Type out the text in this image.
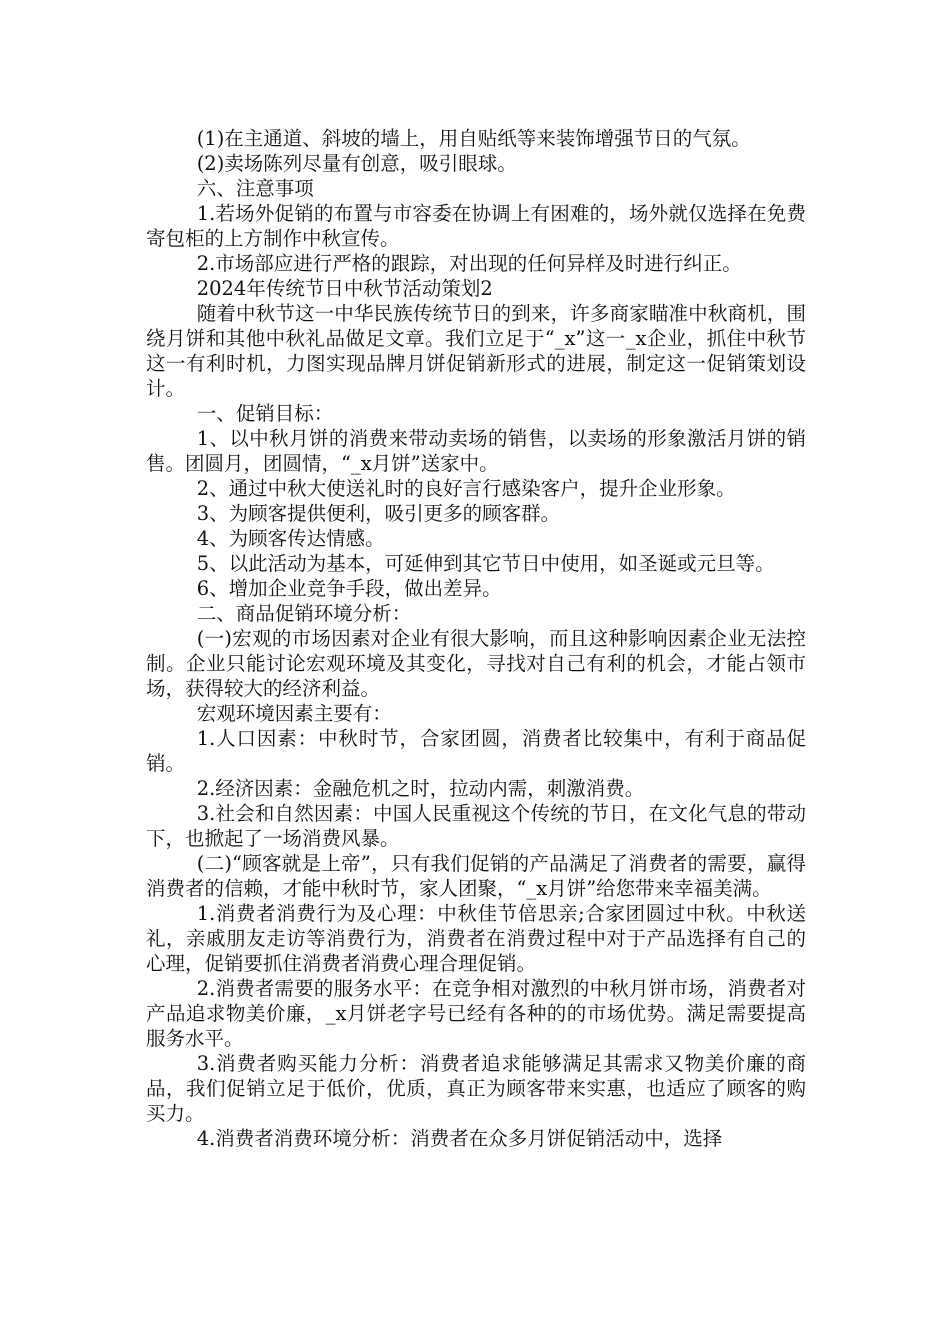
(1)在主通道、斜坡的墙上，用自贴纸等来装饰增强节日的气氛。

(2)卖场陈列尽量有创意，吸引眼球。

六、注意事项

1.若场外促销的布置与市容委在协调上有困难的，场外就仅选择在免费寄包柜的上方制作中秋宣传。

2.市场部应进行严格的跟踪，对出现的任何异样及时进行纠正。

2024年传统节日中秋节活动策划2

随着中秋节这一中华民族传统节日的到来，许多商家瞄准中秋商机，围绕月饼和其他中秋礼品做足文章。我们立足于“_x”这一_x企业，抓住中秋节这一有利时机，力图实现品牌月饼促销新形式的进展，制定这一促销策划设计。

一、促销目标：

1、以中秋月饼的消费来带动卖场的销售，以卖场的形象激活月饼的销售。团圆月，团圆情，“_x月饼”送家中。

2、通过中秋大使送礼时的良好言行感染客户，提升企业形象。

3、为顾客提供便利，吸引更多的顾客群。

4、为顾客传达情感。

5、以此活动为基本，可延伸到其它节日中使用，如圣诞或元旦等。

6、增加企业竞争手段，做出差异。

二、商品促销环境分析：

(一)宏观的市场因素对企业有很大影响，而且这种影响因素企业无法控制。企业只能讨论宏观环境及其变化，寻找对自己有利的机会，才能占领市场，获得较大的经济利益。

宏观环境因素主要有：

1.人口因素：中秋时节，合家团圆，消费者比较集中，有利于商品促销。

2.经济因素：金融危机之时，拉动内需，刺激消费。

3.社会和自然因素：中国人民重视这个传统的节日，在文化气息的带动下，也掀起了一场消费风暴。

(二)“顾客就是上帝”，只有我们促销的产品满足了消费者的需要，赢得消费者的信赖，才能中秋时节，家人团聚，“_x月饼”给您带来幸福美满。

1.消费者消费行为及心理：中秋佳节倍思亲;合家团圆过中秋。中秋送礼，亲戚朋友走访等消费行为，消费者在消费过程中对于产品选择有自己的心理，促销要抓住消费者消费心理合理促销。

2.消费者需要的服务水平：在竞争相对激烈的中秋月饼市场，消费者对产品追求物美价廉，_x月饼老字号已经有各种的的市场优势。满足需要提高服务水平。

3.消费者购买能力分析：消费者追求能够满足其需求又物美价廉的商品，我们促销立足于低价，优质，真正为顾客带来实惠，也适应了顾客的购买力。

4.消费者消费环境分析：消费者在众多月饼促销活动中，选择
